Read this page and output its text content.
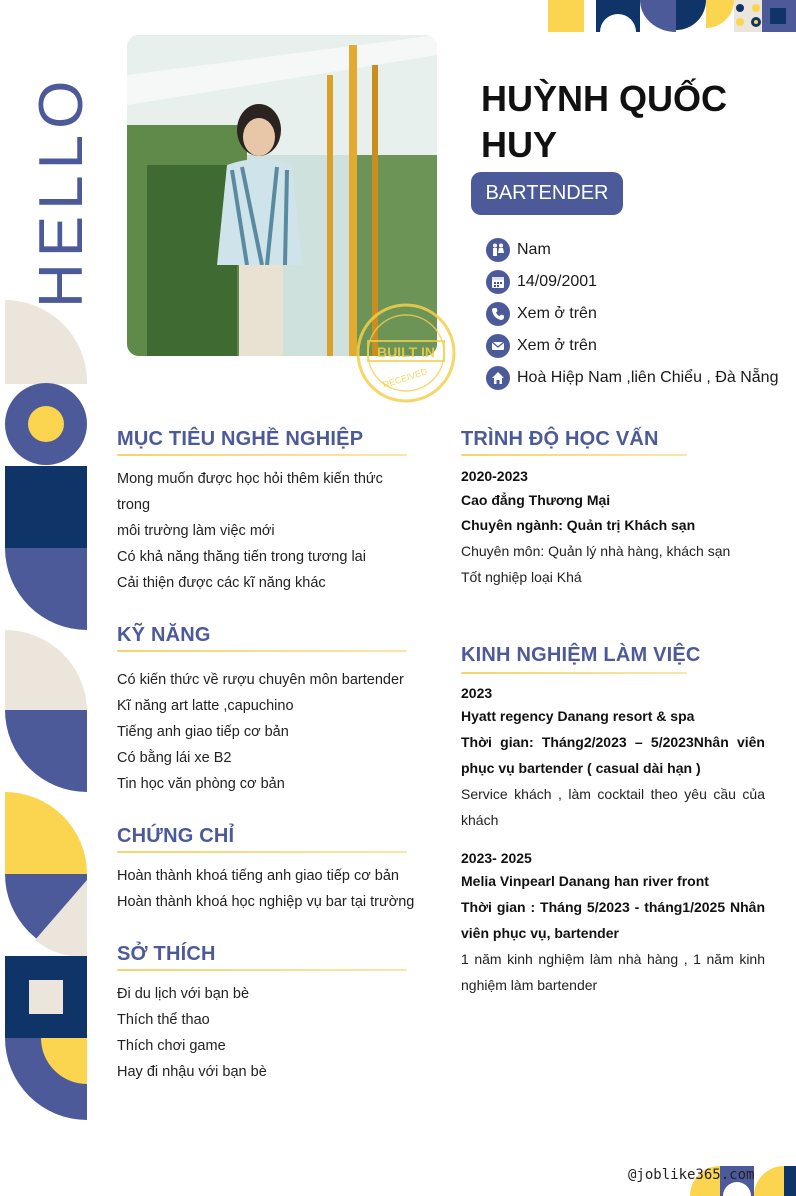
HELLO
BUILT IN
RECEIVED
HUỲNH QUỐC HUY
BARTENDER
Nam
14/09/2001
Xem ở trên
Xem ở trên
Hoà Hiệp Nam ,liên Chiểu , Đà Nẵng
MỤC TIÊU NGHỀ NGHIỆP
Mong muốn được học hỏi thêm kiến thức trong
môi trường làm việc mới
Có khả năng thăng tiến trong tương lai
Cải thiện được các kĩ năng khác
KỸ NĂNG
Có kiến thức về rượu chuyên môn bartender
Kĩ năng art latte ,capuchino
Tiếng anh giao tiếp cơ bản
Có bằng lái xe B2
Tin học văn phòng cơ bản
CHỨNG CHỈ
Hoàn thành khoá tiếng anh giao tiếp cơ bản
Hoàn thành khoá học nghiệp vụ bar tại trường
SỞ THÍCH
Đi du lịch với bạn bè
Thích thể thao
Thích chơi game
Hay đi nhậu với bạn bè
TRÌNH ĐỘ HỌC VẤN
2020-2023
Cao đẳng Thương Mại
Chuyên ngành: Quản trị Khách sạn
Chuyên môn: Quản lý nhà hàng, khách sạn
Tốt nghiệp loại Khá
KINH NGHIỆM LÀM VIỆC
2023
Hyatt regency Danang resort & spa
Thời gian: Tháng2/2023 – 5/2023Nhân viên phục vụ bartender ( casual dài hạn )
Service khách , làm cocktail theo yêu cầu của khách
2023- 2025
Melia Vinpearl Danang han river front
Thời gian : Tháng 5/2023 - tháng1/2025 Nhân viên phục vụ, bartender
1 năm kinh nghiệm làm nhà hàng , 1 năm kinh nghiệm làm bartender
@joblike365.com
